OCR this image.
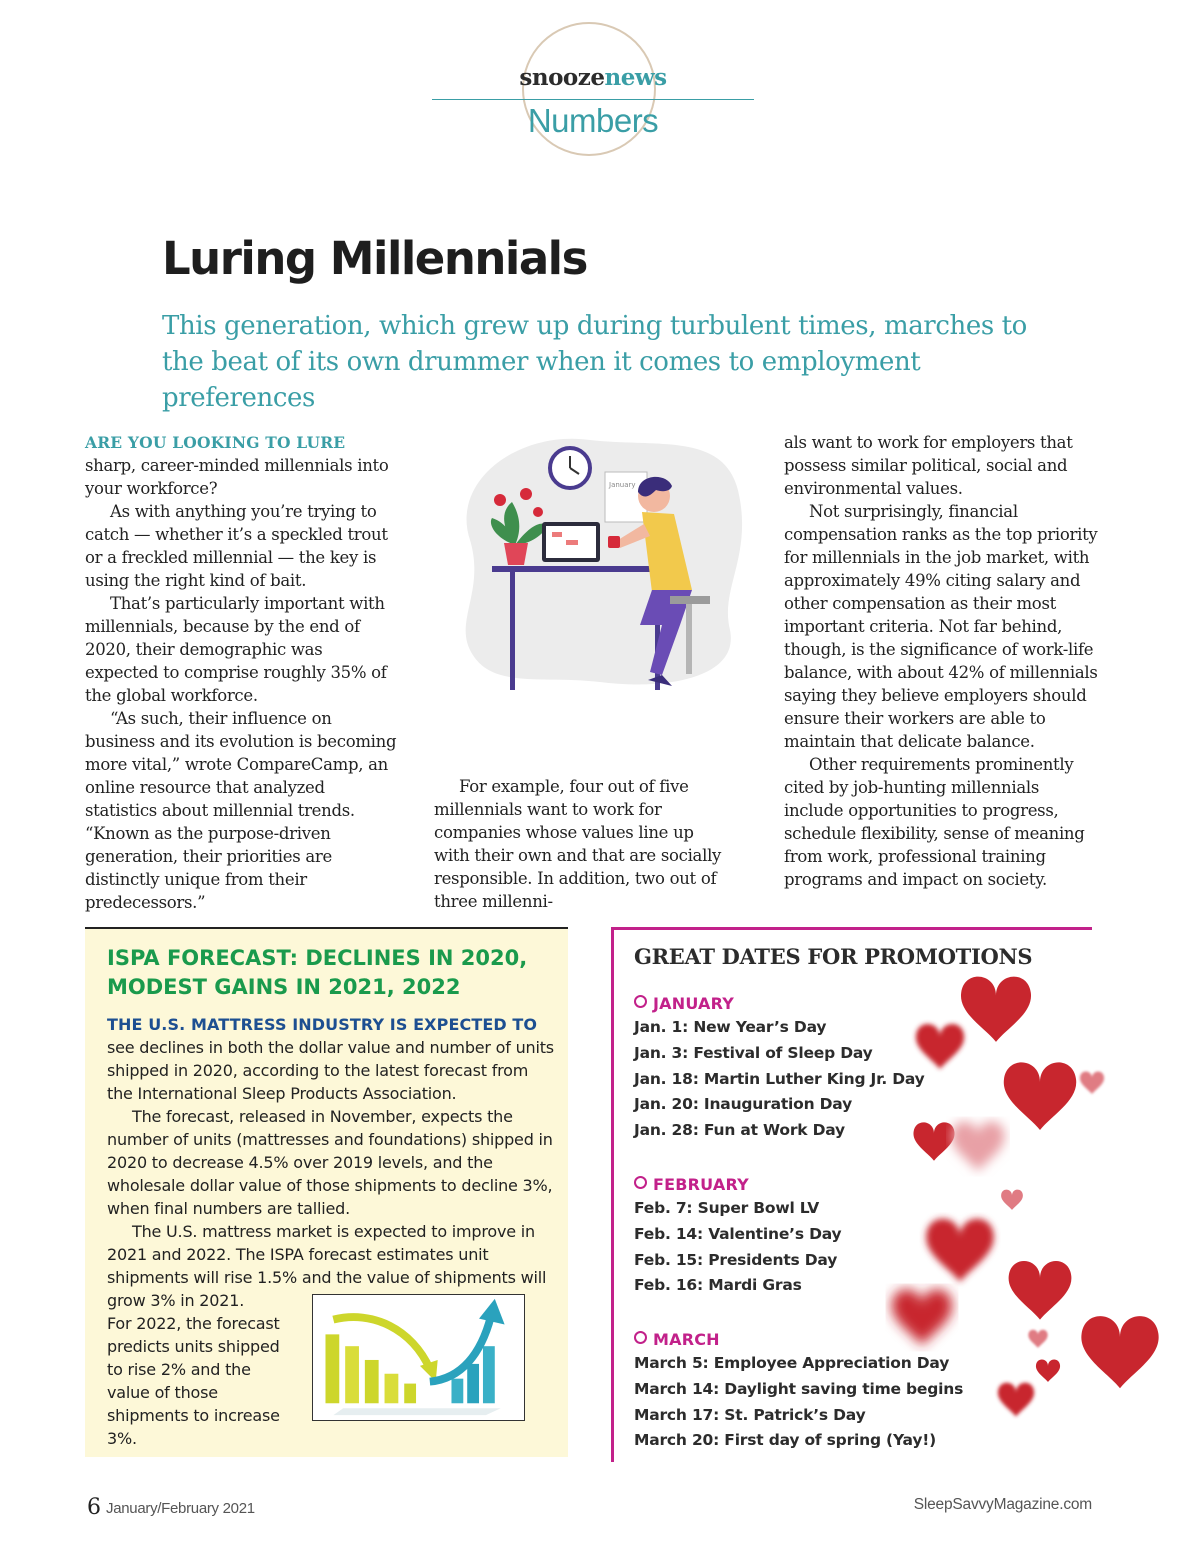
snoozenews
Numbers
Luring Millennials
This generation, which grew up during turbulent times, marches to the beat of its own drummer when it comes to employment preferences

ARE YOU LOOKING TO LURE
sharp, career-minded millennials into your workforce?

As with anything you’re trying to catch — whether it’s a speckled trout or a freckled millennial — the key is using the right kind of bait.

That’s particularly important with millennials, because by the end of 2020, their demographic was expected to comprise roughly 35% of the global workforce.

“As such, their influence on business and its evolution is becoming more vital,” wrote CompareCamp, an online resource that analyzed statistics about millennial trends. “Known as the purpose-driven generation, their priorities are distinctly unique from their predecessors.”

January

For example, four out of five millennials want to work for companies whose values line up with their own and that are socially responsible. In addition, two out of three millenni-

als want to work for employers that possess similar political, social and environmental values.

Not surprisingly, financial compensation ranks as the top priority for millennials in the job market, with approximately 49% citing salary and other compensation as their most important criteria. Not far behind, though, is the significance of work-life balance, with about 42% of millennials saying they believe employers should ensure their workers are able to maintain that delicate balance.

Other requirements prominently cited by job-hunting millennials include opportunities to progress, schedule flexibility, sense of meaning from work, professional training programs and impact on society.

ISPA FORECAST: DECLINES IN 2020, MODEST GAINS IN 2021, 2022

THE U.S. MATTRESS INDUSTRY IS EXPECTED TO
see declines in both the dollar value and number of units shipped in 2020, according to the latest forecast from the International Sleep Products Association.

The forecast, released in November, expects the number of units (mattresses and foundations) shipped in 2020 to decrease 4.5% over 2019 levels, and the wholesale dollar value of those shipments to decline 3%, when final numbers are tallied.

The U.S. mattress market is expected to improve in 2021 and 2022. The ISPA forecast estimates unit shipments will rise 1.5% and the value of shipments will grow 3% in 2021.

For 2022, the forecast predicts units shipped to rise 2% and the value of those shipments to increase 3%.

GREAT DATES FOR PROMOTIONS
JANUARY
Jan. 1: New Year’s Day
Jan. 3: Festival of Sleep Day
Jan. 18: Martin Luther King Jr. Day
Jan. 20: Inauguration Day
Jan. 28: Fun at Work Day
FEBRUARY
Feb. 7: Super Bowl LV
Feb. 14: Valentine’s Day
Feb. 15: Presidents Day
Feb. 16: Mardi Gras
MARCH
March 5: Employee Appreciation Day
March 14: Daylight saving time begins
March 17: St. Patrick’s Day
March 20: First day of spring (Yay!)
6 January/February 2021	SleepSavvyMagazine.com
